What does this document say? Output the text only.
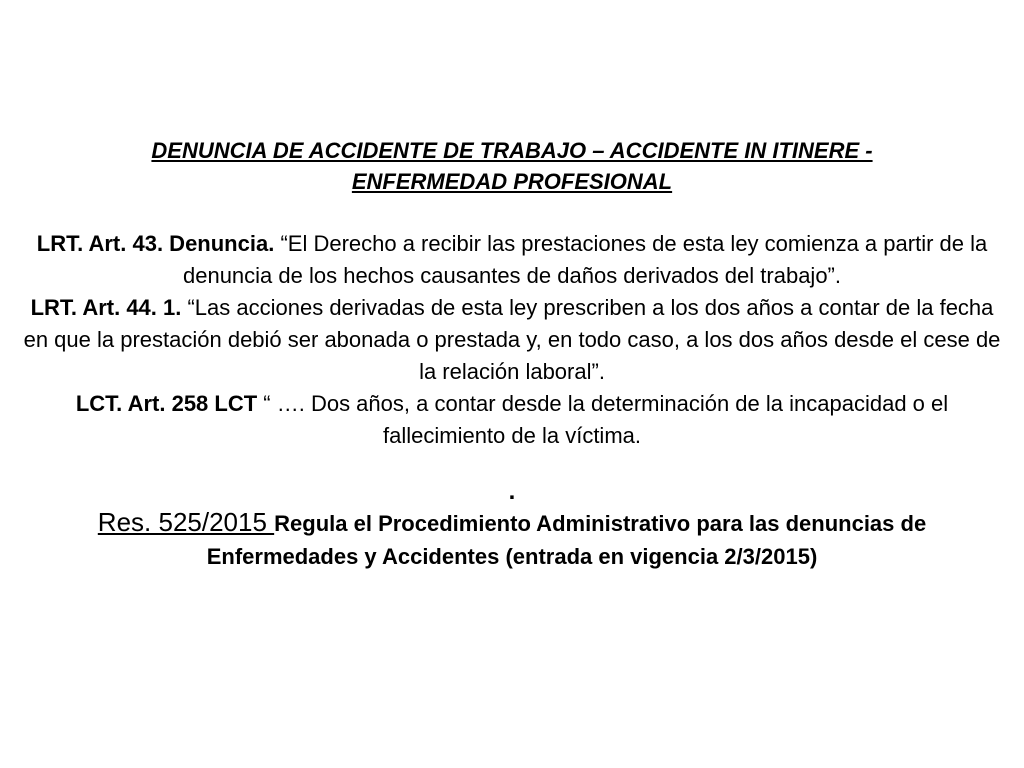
DENUNCIA DE ACCIDENTE DE TRABAJO – ACCIDENTE IN ITINERE -
ENFERMEDAD PROFESIONAL

LRT. Art. 43. Denuncia. “El Derecho a recibir las prestaciones de esta ley comienza a partir de la denuncia de los hechos causantes de daños derivados del trabajo”.

LRT. Art. 44. 1. “Las acciones derivadas de esta ley prescriben a los dos años a contar de la fecha en que la prestación debió ser abonada o prestada y, en todo caso, a los dos años desde el cese de la relación laboral”.

LCT. Art. 258 LCT “ …. Dos años, a contar desde la determinación de la incapacidad o el fallecimiento de la víctima.

.

Res. 525/2015 Regula el Procedimiento Administrativo para las denuncias de
Enfermedades y Accidentes (entrada en vigencia 2/3/2015)
